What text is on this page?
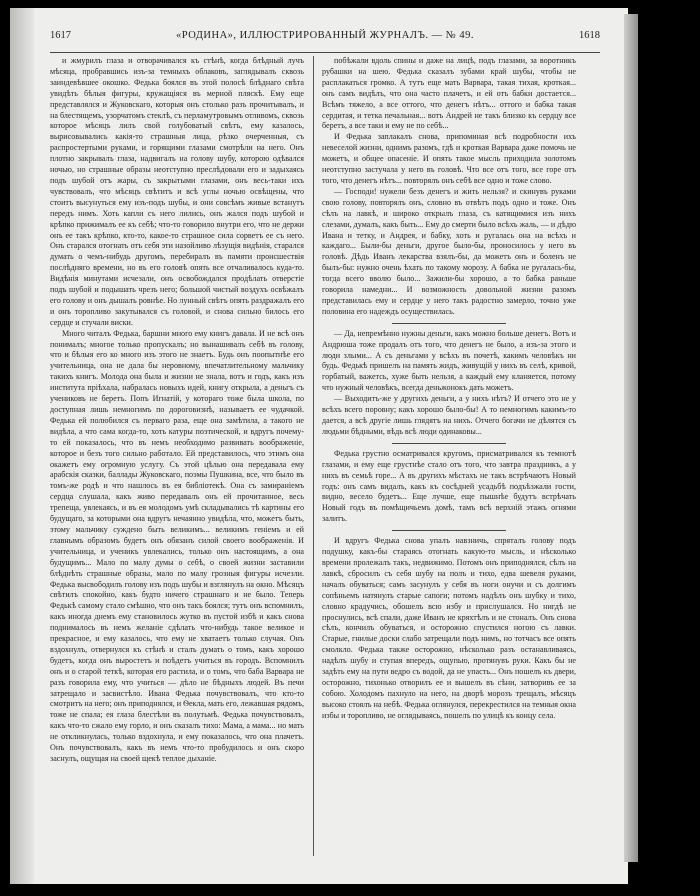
1617	«РОДИНА», ИЛЛЮСТРИРОВАННЫЙ ЖУРНАЛЪ. — № 49.	1618

и жмурилъ глаза и отворачивался къ стѣнѣ, когда блѣдный лучъ мѣсяца, пробравшись изъ-за темныхъ облаковъ, заглядывалъ сквозь заиндевѣвшее окошко. Федька боялся въ этой полосѣ блѣднаго свѣта увидѣть бѣлыя фигуры, кружащіяся въ мерной пляскѣ. Ему еще представлялся и Жуковскаго, которыя онъ столько разъ прочитывалъ, и на блестящемъ, узорчатомъ стеклѣ, съ перламутровымъ отливомъ, сквозь которое мѣсяцъ лилъ свой голубоватый свѣтъ, ему казалось, вырисовывались какія-то страшныя лица, рѣзко очерченныя, съ распростертыми руками, и горящими глазами смотрѣли на него. Онъ плотно закрывалъ глаза, надвигалъ на голову шубу, которою одѣвался ночью, но страшные образы неотступно преслѣдовали его и задыхаясь подъ шубой отъ жары, съ закрытыми глазами, онъ весь-таки ихъ чувствовалъ, что мѣсяцъ свѣтитъ и всѣ углы ночью освѣщены, что стоитъ высунуться ему изъ-подъ шубы, и они совсѣмъ живые встанутъ передъ нимъ. Хоть капли съ него лились, онъ жался подъ шубой и крѣпко прижималъ ее къ себѣ; что-то говорило внутри его, что не держи онъ ее такъ крѣпко, кто-то, какое-то страшное сила сорветъ ее съ него. Онъ старался отогнать отъ себя эти назойливо лѣзущія видѣнія, старался думать о чемъ-нибудь другомъ, перебиралъ въ памяти происшествія послѣдняго времени, но въ его головѣ опять все отчаливалось куда-то. Видѣнія минутами исчезали, онъ освобождался продѣлать отверстіе подъ шубой и подышать чрезъ него; большой чистый воздухъ освѣжалъ его голову и онъ дышалъ ровнѣе. Но лунный свѣтъ опять раздражалъ его и онъ торопливо закутывался съ головой, и снова сильно билось его сердце и стучали виски.

Много читалъ Федька, баршни много ему книгъ давала. И не всѣ онъ понималъ; многое только пропускалъ; но вынашивалъ себѣ въ голову, что и бѣлыя его ко много изъ этого не знаетъ. Будь онъ поопытнѣе его учительница, она не дала бы неровному, впечатлительному мальчику такихъ книгъ. Молода она была и жизни не знала, вотъ и годъ, какъ изъ института пріѣхала, набралась новыхъ идей, книгу открыла, а деньгъ съ учениковъ не беретъ. Попъ Игнатій, у котораго тоже была школа, по доступная лишь немногимъ по дороговизнѣ, называетъ ее чудачкой. Федька ей полюбился съ перваго раза, еще она замѣтила, а такого не видѣла, а что сама когда-то, хоть катуры поэтической, и вдругъ почему-то ей показалось, что въ немъ необходимо развивать воображеніе, которое и безъ того сильно работало. Ей представилось, что этимъ она окажетъ ему огромную услугу. Съ этой цѣлью она передавала ему арабскія сказки, баллады Жуковскаго, поэмы Пушкина, все, что было въ томъ-же родѣ и что нашлось въ ея библіотекѣ. Она съ замираніемъ сердца слушала, какъ живо передавалъ онъ ей прочитанное, весь трепеща, увлекаясь, и въ ея молодомъ умѣ складывались тѣ картины его будущаго, за которыми она вдругъ нечаянно увидѣла, что, можетъ быть, этому мальчику суждено быть великимъ... великимъ геніемъ и ей главнымъ образомъ будетъ онъ обязанъ силой своего воображенія. И учительница, и ученикъ увлекались, только онъ настоящимъ, а она будущимъ... Мало по малу думы о себѣ, о своей жизни заставили блѣднѣть страшные образы, мало по малу грозныя фигуры исчезли. Федька высвободилъ голову изъ подъ шубы и взглянулъ на окно. Мѣсяцъ свѣтилъ спокойно, какъ будто ничего страшнаго и не было. Теперь Федькѣ самому стало смѣшно, что онъ такъ боялся; тутъ онъ вспомнилъ, какъ иногда днемъ ему становилось жутко въ пустой избѣ и какъ снова поднималось въ немъ желаніе сдѣлать что-нибудь такое великое и прекрасное, и ему казалось, что ему не хватаетъ только случая. Онъ вздохнулъ, отвернулся къ стѣнѣ и сталъ думать о томъ, какъ хорошо будетъ, когда онъ выростетъ и поѣдетъ учиться въ городъ. Вспомнилъ онъ и о старой теткѣ, которая его растила, и о томъ, что баба Варвара не разъ говорила ему, что учиться — дѣло не бѣдныхъ людей. Въ печи затрещало и засвистѣло. Ивана Федька почувствовалъ, что кто-то смотритъ на него; онъ приподнялся, и Ѳекла, мать его, лежавшая рядомъ, тоже не спала; ея глаза блестѣли въ полутьмѣ. Федька почувствовалъ, какъ что-то сжало ему горло, и онъ сказалъ тихо: Мама, а мама... но мать не откликнулась, только вздохнула, и ему показалось, что она плачетъ. Онъ почувствовалъ, какъ въ немъ что-то пробудилось и онъ скоро заснулъ, ощущая на своей щекѣ теплое дыханіе.

побѣжали вдоль спины и даже на лицѣ, подъ глазами, за воротникъ рубашки на шею. Федька сказалъ зубами край шубы, чтобы не расплакаться громко. А тутъ еще мать Варвара, такая тихая, кроткая... онъ самъ видѣлъ, что она часто плачетъ, и ей отъ бабки достается... Всѣмъ тяжело, а все оттого, что денегъ нѣтъ... оттого и бабка такая сердитая, и тетка печальная... вотъ Андрей не такъ близко къ сердцу все беретъ, а все таки и ему не по себѣ...

И Федька заплакалъ снова, припоминая всѣ подробности ихъ невеселой жизни, однимъ разомъ, гдѣ и кроткая Варвара даже помочь не можетъ, и общее опасеніе. И опять такое мысль приходила золотомъ неотступно застучала у него въ головѣ. Что все отъ того, все горе отъ того, что денегъ нѣтъ... повторялъ онъ себѣ все одно и тоже слово.

— Господи! нужели безъ денегъ и жить нельзя? и скинувъ руками свою голову, повторялъ онъ, словно въ отвѣтъ подъ одно и тоже. Онъ сѣлъ на лавкѣ, и широко открылъ глаза, съ катящимися изъ нихъ слезами, думалъ, какъ быть... Ему до смерти было всѣхъ жаль, — и дѣдю Ивана и тетку, и Андрея, и бабку, хоть и ругалась она на всѣхъ и каждаго... Были-бы деньги, другое было-бы, проносилось у него въ головѣ. Дѣдь Иванъ лекарства взялъ-бы, да можетъ онъ и боленъ не былъ-бы: нужно очень ѣхать по такому морозу. А бабка не ругалась-бы, тогда всего вволю было... Зажили-бы хорошо, а то бабка раньше говорила намедни... И возможность довольной жизни разомъ представилась ему и сердце у него такъ радостно замерло, точно уже половина его надеждъ осуществилась.

— Да, непремѣнно нужны деньги, какъ можно больше денегъ. Вотъ и Андрюша тоже продалъ отъ того, что денегъ не было, а изъ-за этого и люди злыми... А съ деньгами у всѣхъ въ почетѣ, какимъ человѣкъ ни будь. Федькѣ пришелъ на память жидъ, живущій у нихъ въ селѣ, кривой, горбатый, важетсь, хуже быть нельзя, а каждый ему кланяется, потому что нужный человѣкъ, всегда деньжонокъ дать можетъ.

— Выходитъ-же у другихъ деньги, а у нихъ нѣтъ? И отчего это не у всѣхъ всего поровну; какъ хорошо было-бы! А то немногимъ какимъ-то дается, а всѣ другіе лишь глядятъ на нихъ. Отчего богачи не дѣлятся съ людьми бѣдными, вѣдь всѣ люди одинаковы...

Федька грустно осматривался кругомъ, присматривался къ темнотѣ глазами, и ему еще грустнѣе стало отъ того, что завтра праздникъ, а у нихъ въ семьѣ горе... А въ другихъ мѣстахъ не такъ встрѣчаютъ Новый годъ: онъ самъ видалъ, какъ къ сосѣдней усадьбѣ подъѣзжали гости, видно, весело будетъ... Еще лучше, еще пышнѣе будутъ встрѣчать Новый годъ въ помѣщичьемъ домѣ, тамъ всѣ верхній этажъ огнями залитъ.

И вдругъ Федька снова упалъ навзничь, спряталъ голову подъ подушку, какъ-бы стараясь отогнать какую-то мысль, и нѣсколько времени пролежалъ такъ, недвижимо. Потомъ онъ приподнялся, сѣлъ на лавкѣ, сбросилъ съ себя шубу на полъ и тихо, едва шевеля руками, началъ обуваться; самъ засунулъ у себя въ ноги онучи и съ долгимъ сопѣньемъ натянулъ старые сапоги; потомъ надѣлъ онъ шубку и тихо, словно крадучись, обошелъ всю избу и прислушался. Но нигдѣ не проснулись, всѣ спали, даже Иванъ не кряхтѣлъ и не стоналъ. Онъ снова сѣлъ, кончилъ обуваться, и осторожно спустился ногою съ лавки. Старые, гнилые доски слабо затрещали подъ нимъ, но тотчасъ все опять смолкло. Федька также осторожно, нѣсколько разъ останавливаясь, надѣлъ шубу и ступая впередъ, ощупью, протянувъ руки. Какъ бы не задѣть ему на пути ведро съ водой, да не упасть... Онъ пошелъ къ двери, осторожно, тихонько отворилъ ее и вышелъ въ сѣни, затворивъ ее за собою. Холодомъ пахнуло на него, на дворѣ морозъ трещалъ, мѣсяцъ высоко стоялъ на небѣ. Федька оглянулся, перекрестился на темныя окна избы и торопливо, не оглядываясь, пошелъ по улицѣ къ концу села.
